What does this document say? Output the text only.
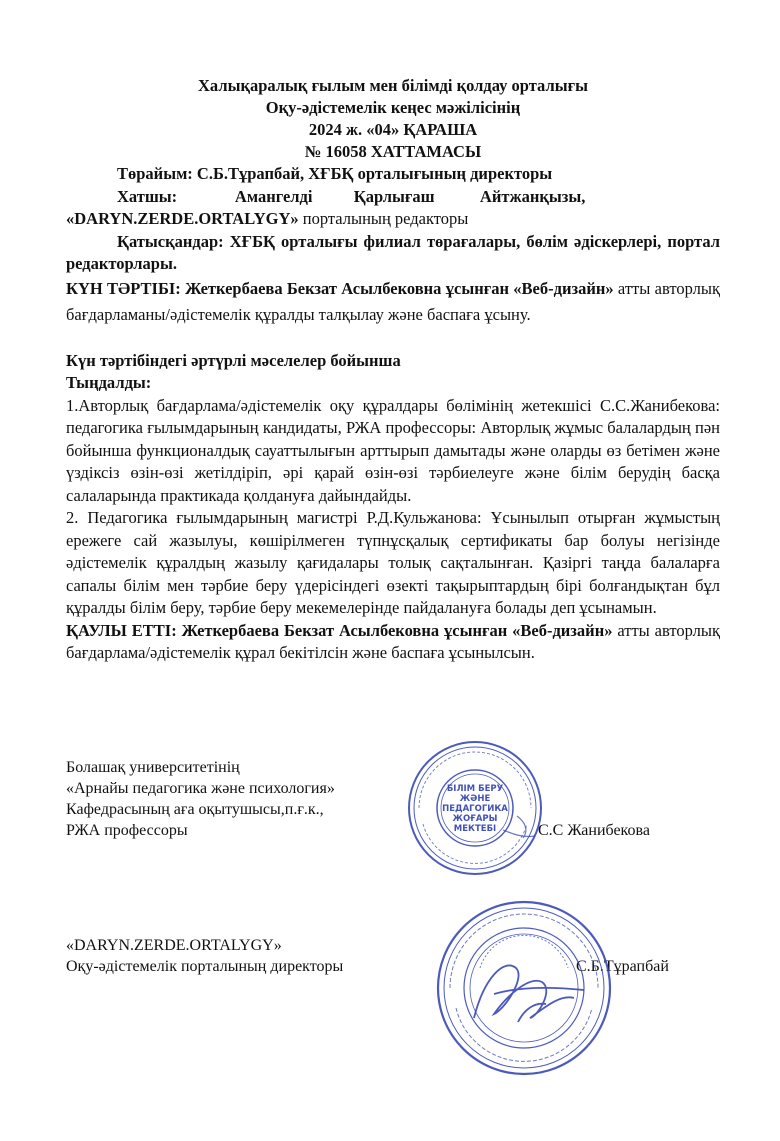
Халықаралық ғылым мен білімді қолдау орталығы
Оқу-әдістемелік кеңес мәжілісінің
2024 ж. «04» ҚАРАША
№ 16058 ХАТТАМАСЫ

Төрайым: С.Б.Тұрапбай, ХҒБҚ орталығының директоры

Хатшы:              Амангелді          Қарлығаш           Айтжанқызы,

«DARYN.ZERDE.ORTALYGY» порталының редакторы

Қатысқандар: ХҒБҚ орталығы филиал төрағалары, бөлім әдіскерлері, портал редакторлары.

КҮН ТӘРТІБІ: Жеткербаева Бекзат Асылбековна ұсынған «Веб-дизайн» атты авторлық бағдарламаны/әдістемелік құралды талқылау және баспаға ұсыну.

Күн тәртібіндегі әртүрлі мәселелер бойынша

Тыңдалды:

1.Авторлық бағдарлама/әдістемелік оқу құралдары бөлімінің жетекшісі С.С.Жанибекова: педагогика ғылымдарының кандидаты, РЖА профессоры: Авторлық жұмыс балалардың пән бойынша функционалдық сауаттылығын арттырып дамытады және оларды өз бетімен және үздіксіз өзін-өзі жетілдіріп, әрі қарай өзін-өзі тәрбиелеуге және білім берудің басқа салаларында практикада қолдануға дайындайды.

2. Педагогика ғылымдарының магистрі Р.Д.Кульжанова: Ұсынылып отырған жұмыстың ережеге сай жазылуы, көшірілмеген түпнұсқалық сертификаты бар болуы негізінде әдістемелік құралдың жазылу қағидалары толық сақталынған. Қазіргі таңда балаларға сапалы білім мен тәрбие беру үдерісіндегі өзекті тақырыптардың бірі болғандықтан бұл құралды білім беру, тәрбие беру мекемелерінде пайдалануға болады деп ұсынамын.

ҚАУЛЫ ЕТТІ: Жеткербаева Бекзат Асылбековна ұсынған «Веб-дизайн» атты авторлық бағдарлама/әдістемелік құрал бекітілсін және баспаға ұсынылсын.

Болашақ университетінің
«Арнайы педагогика және психология»
Кафедрасының аға оқытушысы,п.ғ.к.,
РЖА профессоры	С.С Жанибекова
БІЛІМ БЕРУ
ЖӘНЕ
ПЕДАГОГИКА
ЖОҒАРЫ
МЕКТЕБІ
«DARYN.ZERDE.ORTALYGY»
Оқу-әдістемелік порталының директоры	С.Б.Тұрапбай
